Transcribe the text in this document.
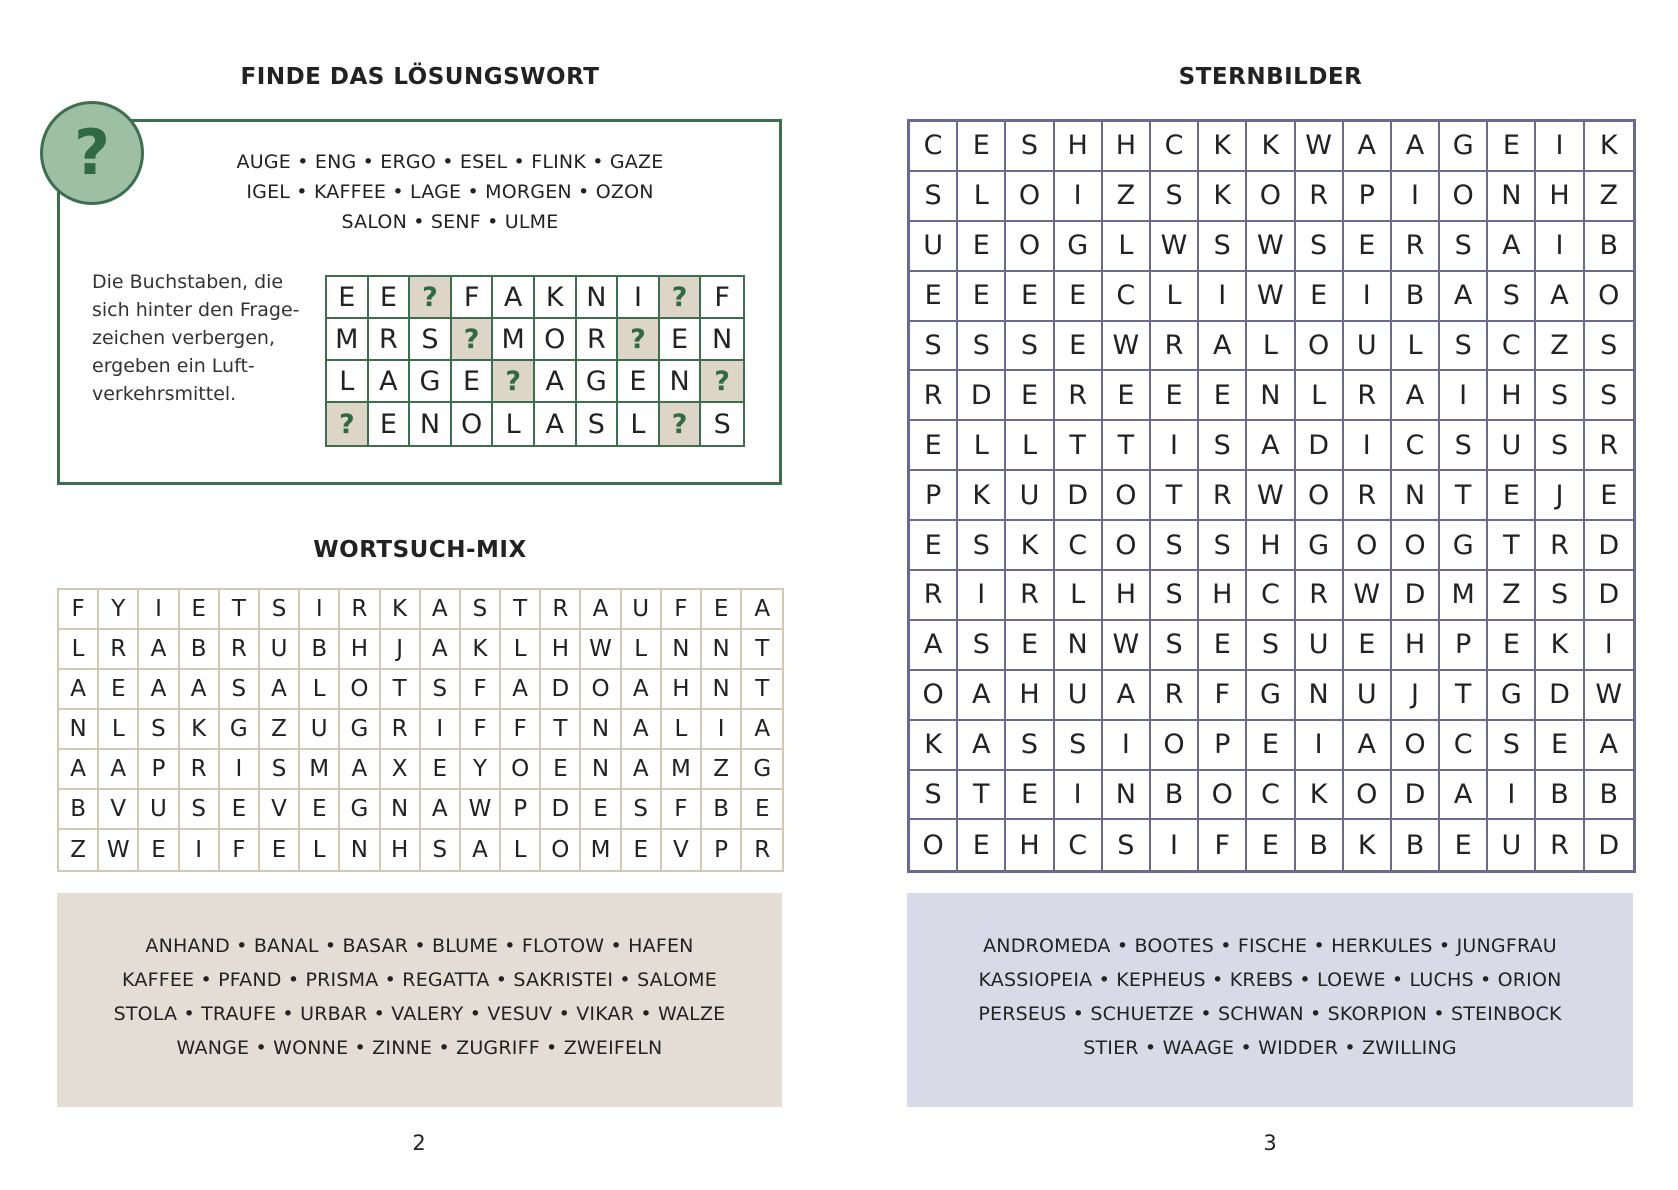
FINDE DAS LÖSUNGSWORT
AUGE • ENG • ERGO • ESEL • FLINK • GAZE
IGEL • KAFFEE • LAGE • MORGEN • OZON
SALON • SENF • ULME
Die Buchstaben, die
sich hinter den Frage-
zeichen verbergen,
ergeben ein Luft-
verkehrsmittel.
E E ? F A K N	I	?	F
M R S ? M O R ? E N
L A G E ? A G E N ?
? E N O L A S L ? S
?
WORTSUCH-MIX
F	Y	I	E	T	S	I	R	K	A	S	T	R	A	U	F	E	A
L	R	A	B	R	U	B	H	J	A	K	L	H W L	N N	T
A	E	A	A	S	A	L	O	T	S	F	A	D O	A	H N	T
N	L	S	K	G	Z	U G	R	I	F	F	T	N	A	L	I	A
A	A	P	R	I	S M A	X	E	Y	O	E	N	A M Z	G
B	V	U	S	E	V	E	G N	A W P	D	E	S	F	B	E
Z W E	I	F	E	L	N H	S	A	L	O M E	V	P	R
ANHAND • BANAL • BASAR • BLUME • FLOTOW • HAFEN
KAFFEE • PFAND • PRISMA • REGATTA • SAKRISTEI • SALOME
STOLA • TRAUFE • URBAR • VALERY • VESUV • VIKAR • WALZE
WANGE • WONNE • ZINNE • ZUGRIFF • ZWEIFELN
2
STERNBILDER
C	E	S	H	H	C	K	K W A	A	G	E	I	K
S	L	O	I	Z	S	K	O	R	P	I	O	N	H	Z
U	E	O	G	L	W S W S	E	R	S	A	I	B
E	E	E	E	C	L	I	W E	I	B	A	S	A	O
S	S	S	E W R	A	L	O	U	L	S	C	Z	S
R	D	E	R	E	E	E	N	L	R	A	I	H	S	S
E	L	L	T	T	I	S	A	D	I	C	S	U	S	R
P	K	U	D	O	T	R W O	R	N	T	E	J	E
E	S	K	C	O	S	S	H	G	O O	G	T	R	D
R	I	R	L	H	S	H	C	R W D M	Z	S	D
A	S	E	N W S	E	S	U	E	H	P	E	K	I
O	A	H	U	A	R	F	G	N	U	J	T	G	D W
K	A	S	S	I	O	P	E	I	A	O	C	S	E	A
S	T	E	I	N	B	O	C	K	O	D	A	I	B	B
O	E	H	C	S	I	F	E	B	K	B	E	U	R	D
ANDROMEDA • BOOTES • FISCHE • HERKULES • JUNGFRAU
KASSIOPEIA • KEPHEUS • KREBS • LOEWE • LUCHS • ORION
PERSEUS • SCHUETZE • SCHWAN • SKORPION • STEINBOCK
STIER • WAAGE • WIDDER • ZWILLING
3
